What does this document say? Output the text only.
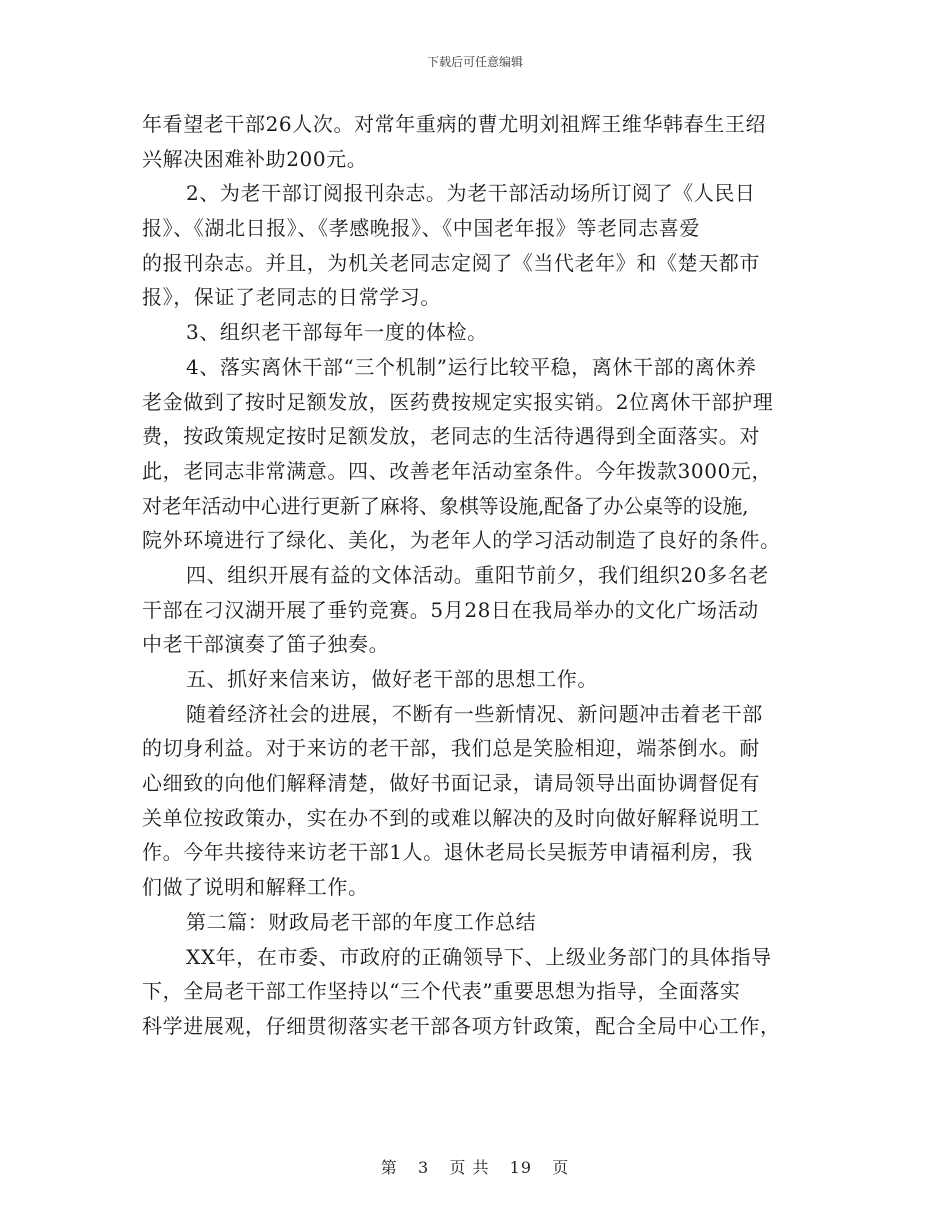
下载后可任意编辑
年看望老干部26人次。对常年重病的曹尤明刘祖辉王维华韩春生王绍
兴解决困难补助200元。
2、为老干部订阅报刊杂志。为老干部活动场所订阅了《人民日
报》、《湖北日报》、《孝感晚报》、《中国老年报》等老同志喜爱
的报刊杂志。并且，为机关老同志定阅了《当代老年》和《楚天都市
报》，保证了老同志的日常学习。
3、组织老干部每年一度的体检。
4、落实离休干部“三个机制”运行比较平稳，离休干部的离休养
老金做到了按时足额发放，医药费按规定实报实销。2位离休干部护理
费，按政策规定按时足额发放，老同志的生活待遇得到全面落实。对
此，老同志非常满意。四、改善老年活动室条件。今年拨款3000元，
对老年活动中心进行更新了麻将、象棋等设施,配备了办公桌等的设施,
院外环境进行了绿化、美化，为老年人的学习活动制造了良好的条件。
四、组织开展有益的文体活动。重阳节前夕，我们组织20多名老
干部在刁汉湖开展了垂钓竞赛。5月28日在我局举办的文化广场活动
中老干部演奏了笛子独奏。
五、抓好来信来访，做好老干部的思想工作。
随着经济社会的进展，不断有一些新情况、新问题冲击着老干部
的切身利益。对于来访的老干部，我们总是笑脸相迎，端茶倒水。耐
心细致的向他们解释清楚，做好书面记录，请局领导出面协调督促有
关单位按政策办，实在办不到的或难以解决的及时向做好解释说明工
作。今年共接待来访老干部1人。退休老局长吴振芳申请福利房，我
们做了说明和解释工作。
第二篇：财政局老干部的年度工作总结
XX年，在市委、市政府的正确领导下、上级业务部门的具体指导
下，全局老干部工作坚持以“三个代表”重要思想为指导，全面落实
科学进展观，仔细贯彻落实老干部各项方针政策，配合全局中心工作，
第 3 页 共 19 页
